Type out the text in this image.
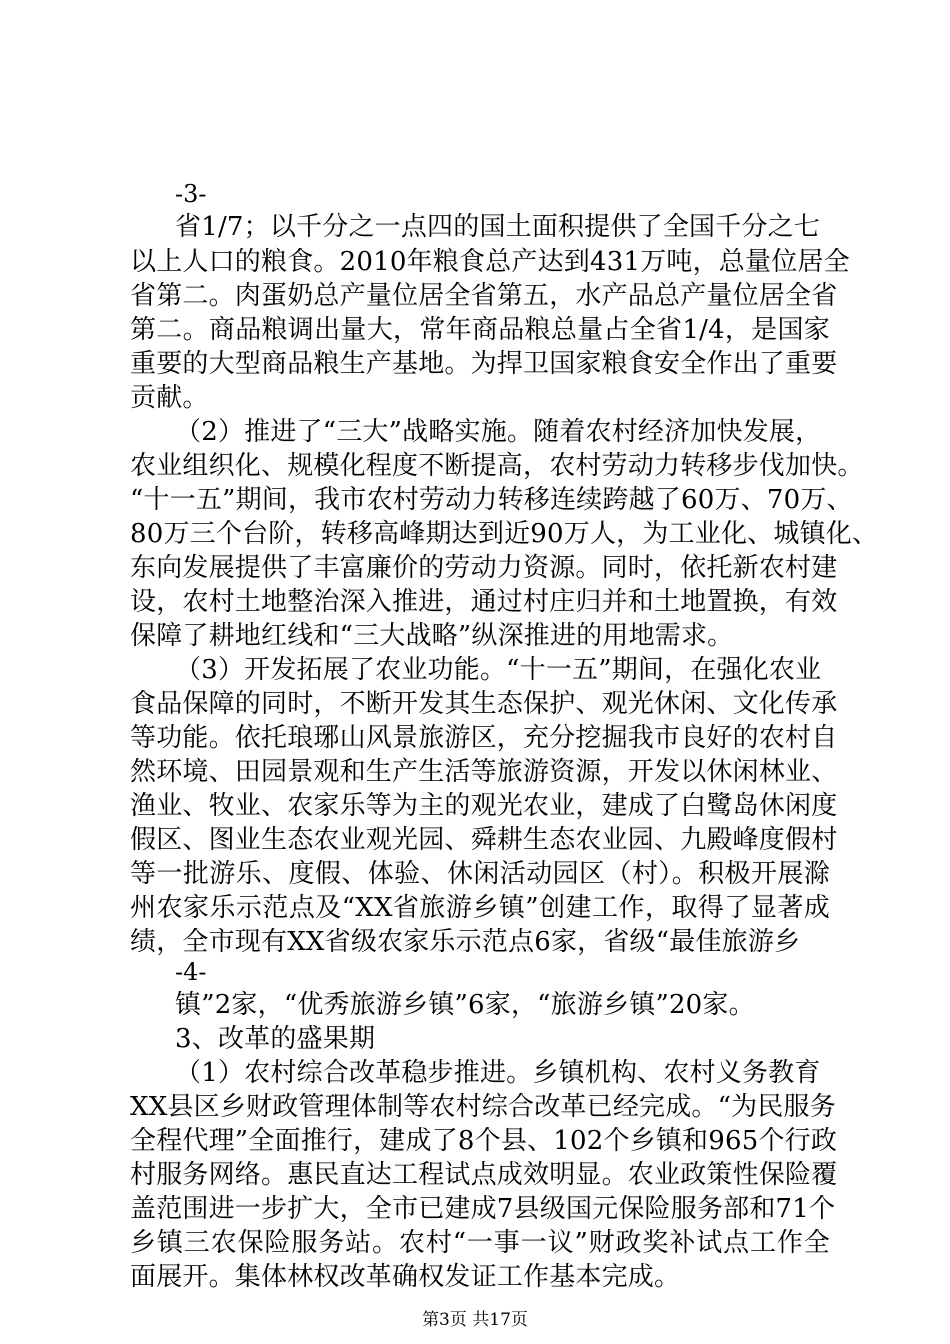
-3-
省1/7；以千分之一点四的国土面积提供了全国千分之七
以上人口的粮食。2010年粮食总产达到431万吨，总量位居全
省第二。肉蛋奶总产量位居全省第五，水产品总产量位居全省
第二。商品粮调出量大，常年商品粮总量占全省1/4，是国家
重要的大型商品粮生产基地。为捍卫国家粮食安全作出了重要
贡献。
（2）推进了“三大”战略实施。随着农村经济加快发展，
农业组织化、规模化程度不断提高，农村劳动力转移步伐加快。
“十一五”期间，我市农村劳动力转移连续跨越了60万、70万、
80万三个台阶，转移高峰期达到近90万人，为工业化、城镇化、
东向发展提供了丰富廉价的劳动力资源。同时，依托新农村建
设，农村土地整治深入推进，通过村庄归并和土地置换，有效
保障了耕地红线和“三大战略”纵深推进的用地需求。
（3）开发拓展了农业功能。“十一五”期间，在强化农业
食品保障的同时，不断开发其生态保护、观光休闲、文化传承
等功能。依托琅琊山风景旅游区，充分挖掘我市良好的农村自
然环境、田园景观和生产生活等旅游资源，开发以休闲林业、
渔业、牧业、农家乐等为主的观光农业，建成了白鹭岛休闲度
假区、图业生态农业观光园、舜耕生态农业园、九殿峰度假村
等一批游乐、度假、体验、休闲活动园区（村）。积极开展滁
州农家乐示范点及“XX省旅游乡镇”创建工作，取得了显著成
绩，全市现有XX省级农家乐示范点6家，省级“最佳旅游乡
-4-
镇”2家，“优秀旅游乡镇”6家，“旅游乡镇”20家。
3、改革的盛果期
（1）农村综合改革稳步推进。乡镇机构、农村义务教育
XX县区乡财政管理体制等农村综合改革已经完成。“为民服务
全程代理”全面推行，建成了8个县、102个乡镇和965个行政
村服务网络。惠民直达工程试点成效明显。农业政策性保险覆
盖范围进一步扩大，全市已建成7县级国元保险服务部和71个
乡镇三农保险服务站。农村“一事一议”财政奖补试点工作全
面展开。集体林权改革确权发证工作基本完成。
第3页 共17页
